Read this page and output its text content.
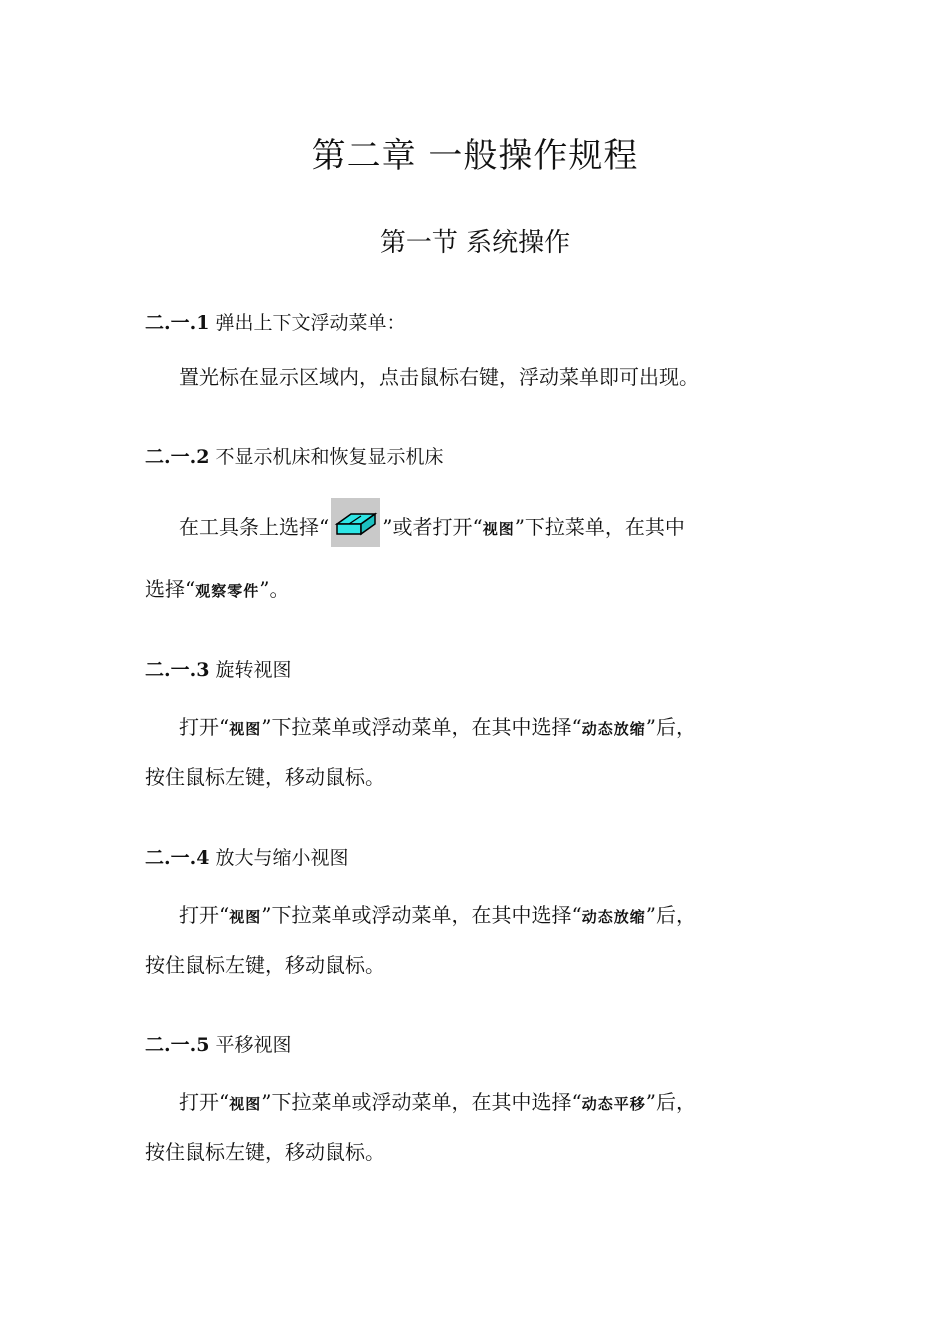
第二章 一般操作规程
第一节 系统操作
二.一.1 弹出上下文浮动菜单：
置光标在显示区域内，点击鼠标右键，浮动菜单即可出现。
二.一.2 不显示机床和恢复显示机床
在工具条上选择“	”或者打开“视图”下拉菜单，在其中
选择“观察零件”。
二.一.3 旋转视图
打开“视图”下拉菜单或浮动菜单，在其中选择“动态放缩”后，
按住鼠标左键，移动鼠标。
二.一.4 放大与缩小视图
打开“视图”下拉菜单或浮动菜单，在其中选择“动态放缩”后，
按住鼠标左键，移动鼠标。
二.一.5 平移视图
打开“视图”下拉菜单或浮动菜单，在其中选择“动态平移”后，
按住鼠标左键，移动鼠标。
